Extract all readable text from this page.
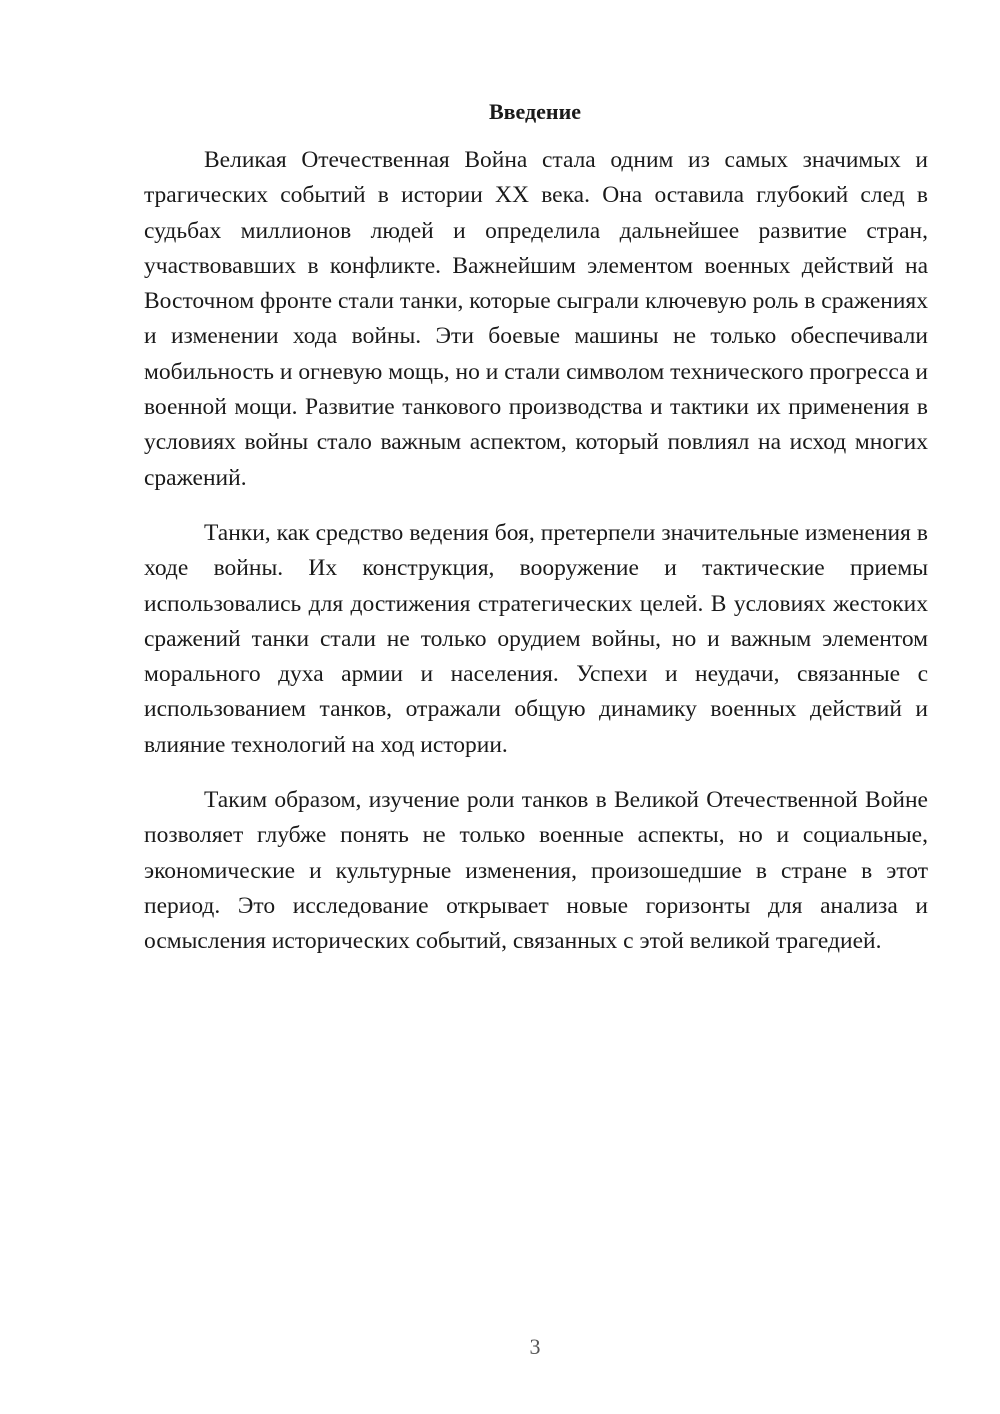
Введение

Великая Отечественная Война стала одним из самых значимых и трагических событий в истории XX века. Она оставила глубокий след в судьбах миллионов людей и определила дальнейшее развитие стран, участвовавших в конфликте. Важнейшим элементом военных действий на Восточном фронте стали танки, которые сыграли ключевую роль в сражениях и изменении хода войны. Эти боевые машины не только обеспечивали мобильность и огневую мощь, но и стали символом технического прогресса и военной мощи. Развитие танкового производства и тактики их применения в условиях войны стало важным аспектом, который повлиял на исход многих сражений.

Танки, как средство ведения боя, претерпели значительные изменения в ходе войны. Их конструкция, вооружение и тактические приемы использовались для достижения стратегических целей. В условиях жестоких сражений танки стали не только орудием войны, но и важным элементом морального духа армии и населения. Успехи и неудачи, связанные с использованием танков, отражали общую динамику военных действий и влияние технологий на ход истории.

Таким образом, изучение роли танков в Великой Отечественной Войне позволяет глубже понять не только военные аспекты, но и социальные, экономические и культурные изменения, произошедшие в стране в этот период. Это исследование открывает новые горизонты для анализа и осмысления исторических событий, связанных с этой великой трагедией.

3
